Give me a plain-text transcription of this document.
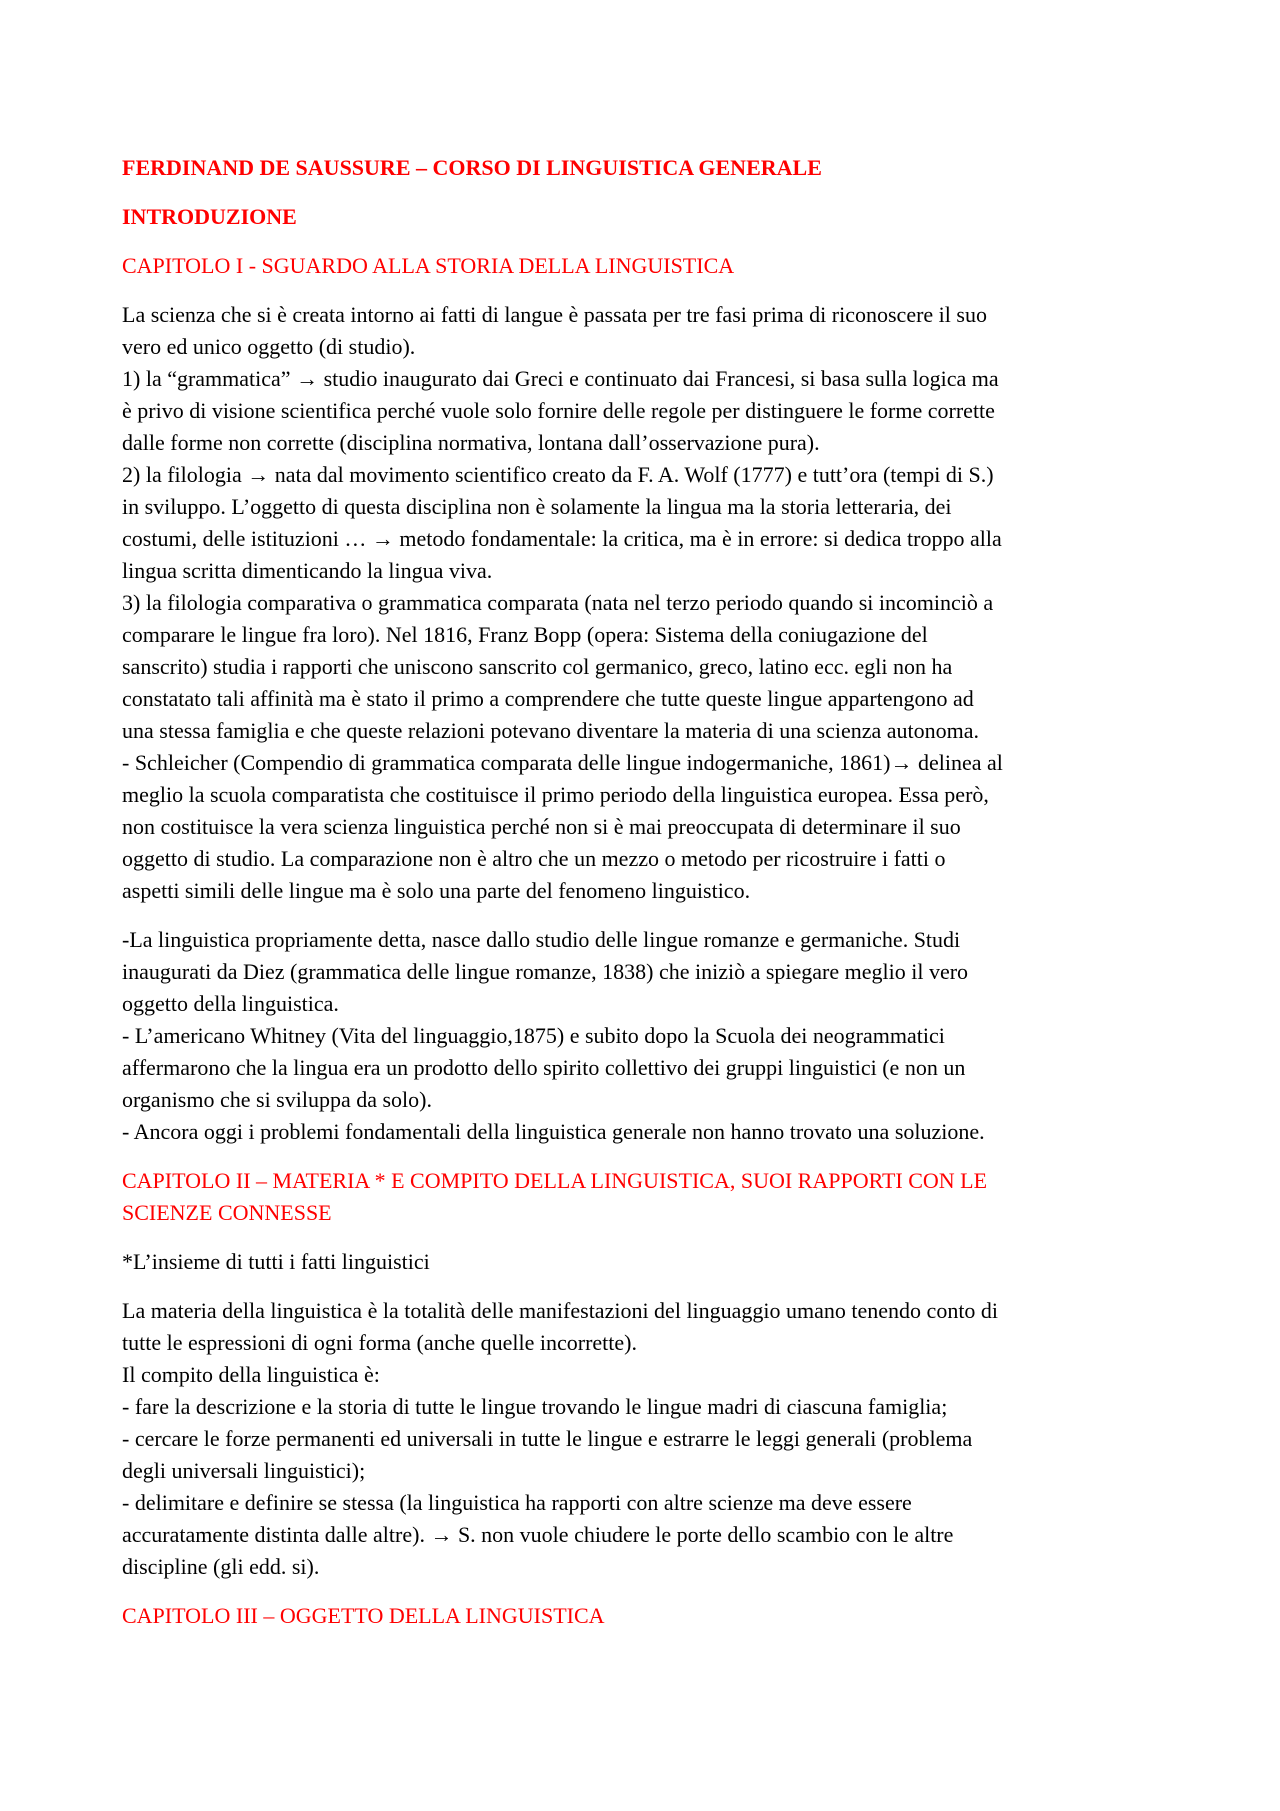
FERDINAND DE SAUSSURE – CORSO DI LINGUISTICA GENERALE
INTRODUZIONE
CAPITOLO I - SGUARDO ALLA STORIA DELLA LINGUISTICA
La scienza che si è creata intorno ai fatti di langue è passata per tre fasi prima di riconoscere il suo
vero ed unico oggetto (di studio).
1) la “grammatica” → studio inaugurato dai Greci e continuato dai Francesi, si basa sulla logica ma
è privo di visione scientifica perché vuole solo fornire delle regole per distinguere le forme corrette
dalle forme non corrette (disciplina normativa, lontana dall’osservazione pura).
2) la filologia → nata dal movimento scientifico creato da F. A. Wolf (1777) e tutt’ora (tempi di S.)
in sviluppo. L’oggetto di questa disciplina non è solamente la lingua ma la storia letteraria, dei
costumi, delle istituzioni … → metodo fondamentale: la critica, ma è in errore: si dedica troppo alla
lingua scritta dimenticando la lingua viva.
3) la filologia comparativa o grammatica comparata (nata nel terzo periodo quando si incominciò a
comparare le lingue fra loro). Nel 1816, Franz Bopp (opera: Sistema della coniugazione del
sanscrito) studia i rapporti che uniscono sanscrito col germanico, greco, latino ecc. egli non ha
constatato tali affinità ma è stato il primo a comprendere che tutte queste lingue appartengono ad
una stessa famiglia e che queste relazioni potevano diventare la materia di una scienza autonoma.
- Schleicher (Compendio di grammatica comparata delle lingue indogermaniche, 1861)→ delinea al
meglio la scuola comparatista che costituisce il primo periodo della linguistica europea. Essa però,
non costituisce la vera scienza linguistica perché non si è mai preoccupata di determinare il suo
oggetto di studio. La comparazione non è altro che un mezzo o metodo per ricostruire i fatti o
aspetti simili delle lingue ma è solo una parte del fenomeno linguistico.
-La linguistica propriamente detta, nasce dallo studio delle lingue romanze e germaniche. Studi
inaugurati da Diez (grammatica delle lingue romanze, 1838) che iniziò a spiegare meglio il vero
oggetto della linguistica.
- L’americano Whitney (Vita del linguaggio,1875) e subito dopo la Scuola dei neogrammatici
affermarono che la lingua era un prodotto dello spirito collettivo dei gruppi linguistici (e non un
organismo che si sviluppa da solo).
- Ancora oggi i problemi fondamentali della linguistica generale non hanno trovato una soluzione.
CAPITOLO II – MATERIA * E COMPITO DELLA LINGUISTICA, SUOI RAPPORTI CON LE
SCIENZE CONNESSE
*L’insieme di tutti i fatti linguistici
La materia della linguistica è la totalità delle manifestazioni del linguaggio umano tenendo conto di
tutte le espressioni di ogni forma (anche quelle incorrette).
Il compito della linguistica è:
- fare la descrizione e la storia di tutte le lingue trovando le lingue madri di ciascuna famiglia;
- cercare le forze permanenti ed universali in tutte le lingue e estrarre le leggi generali (problema
degli universali linguistici);
- delimitare e definire se stessa (la linguistica ha rapporti con altre scienze ma deve essere
accuratamente distinta dalle altre). → S. non vuole chiudere le porte dello scambio con le altre
discipline (gli edd. si).
CAPITOLO III – OGGETTO DELLA LINGUISTICA
